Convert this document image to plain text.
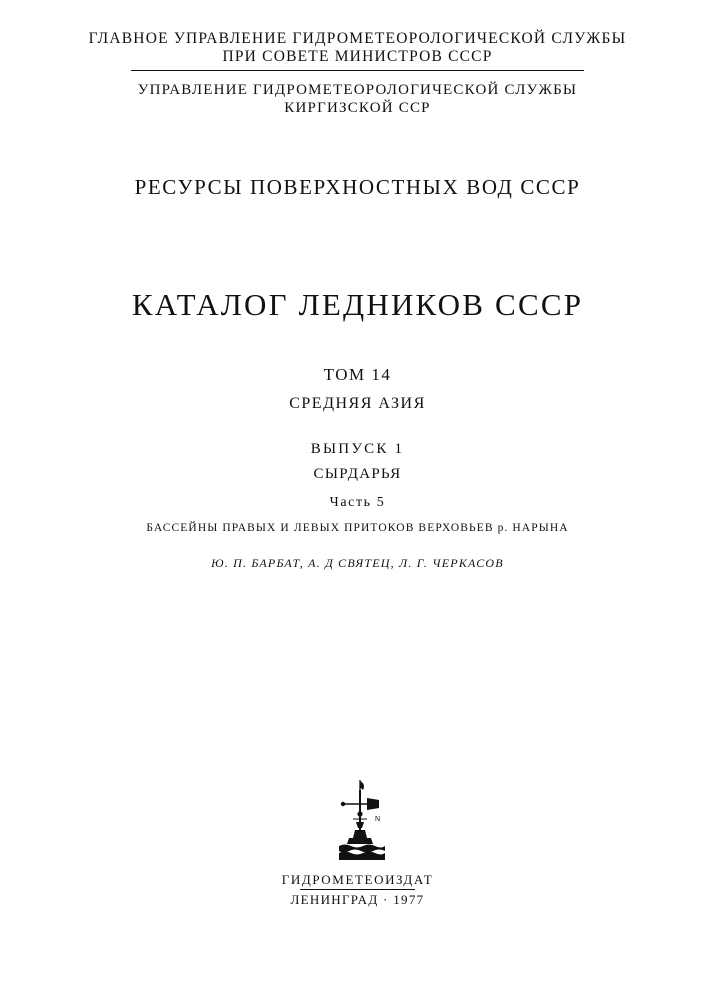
ГЛАВНОЕ УПРАВЛЕНИЕ ГИДРОМЕТЕОРОЛОГИЧЕСКОЙ СЛУЖБЫ
ПРИ СОВЕТЕ МИНИСТРОВ СССР
УПРАВЛЕНИЕ ГИДРОМЕТЕОРОЛОГИЧЕСКОЙ СЛУЖБЫ
КИРГИЗСКОЙ ССР
РЕСУРСЫ ПОВЕРХНОСТНЫХ ВОД СССР
КАТАЛОГ ЛЕДНИКОВ СССР
ТОМ 14
СРЕДНЯЯ АЗИЯ
ВЫПУСК 1
СЫРДАРЬЯ
Часть 5
БАССЕЙНЫ ПРАВЫХ И ЛЕВЫХ ПРИТОКОВ ВЕРХОВЬЕВ р. НАРЫНА
Ю. П. БАРБАТ, А. Д СВЯТЕЦ, Л. Г. ЧЕРКАСОВ
N
ГИДРОМЕТЕОИЗДАТ
ЛЕНИНГРАД · 1977
